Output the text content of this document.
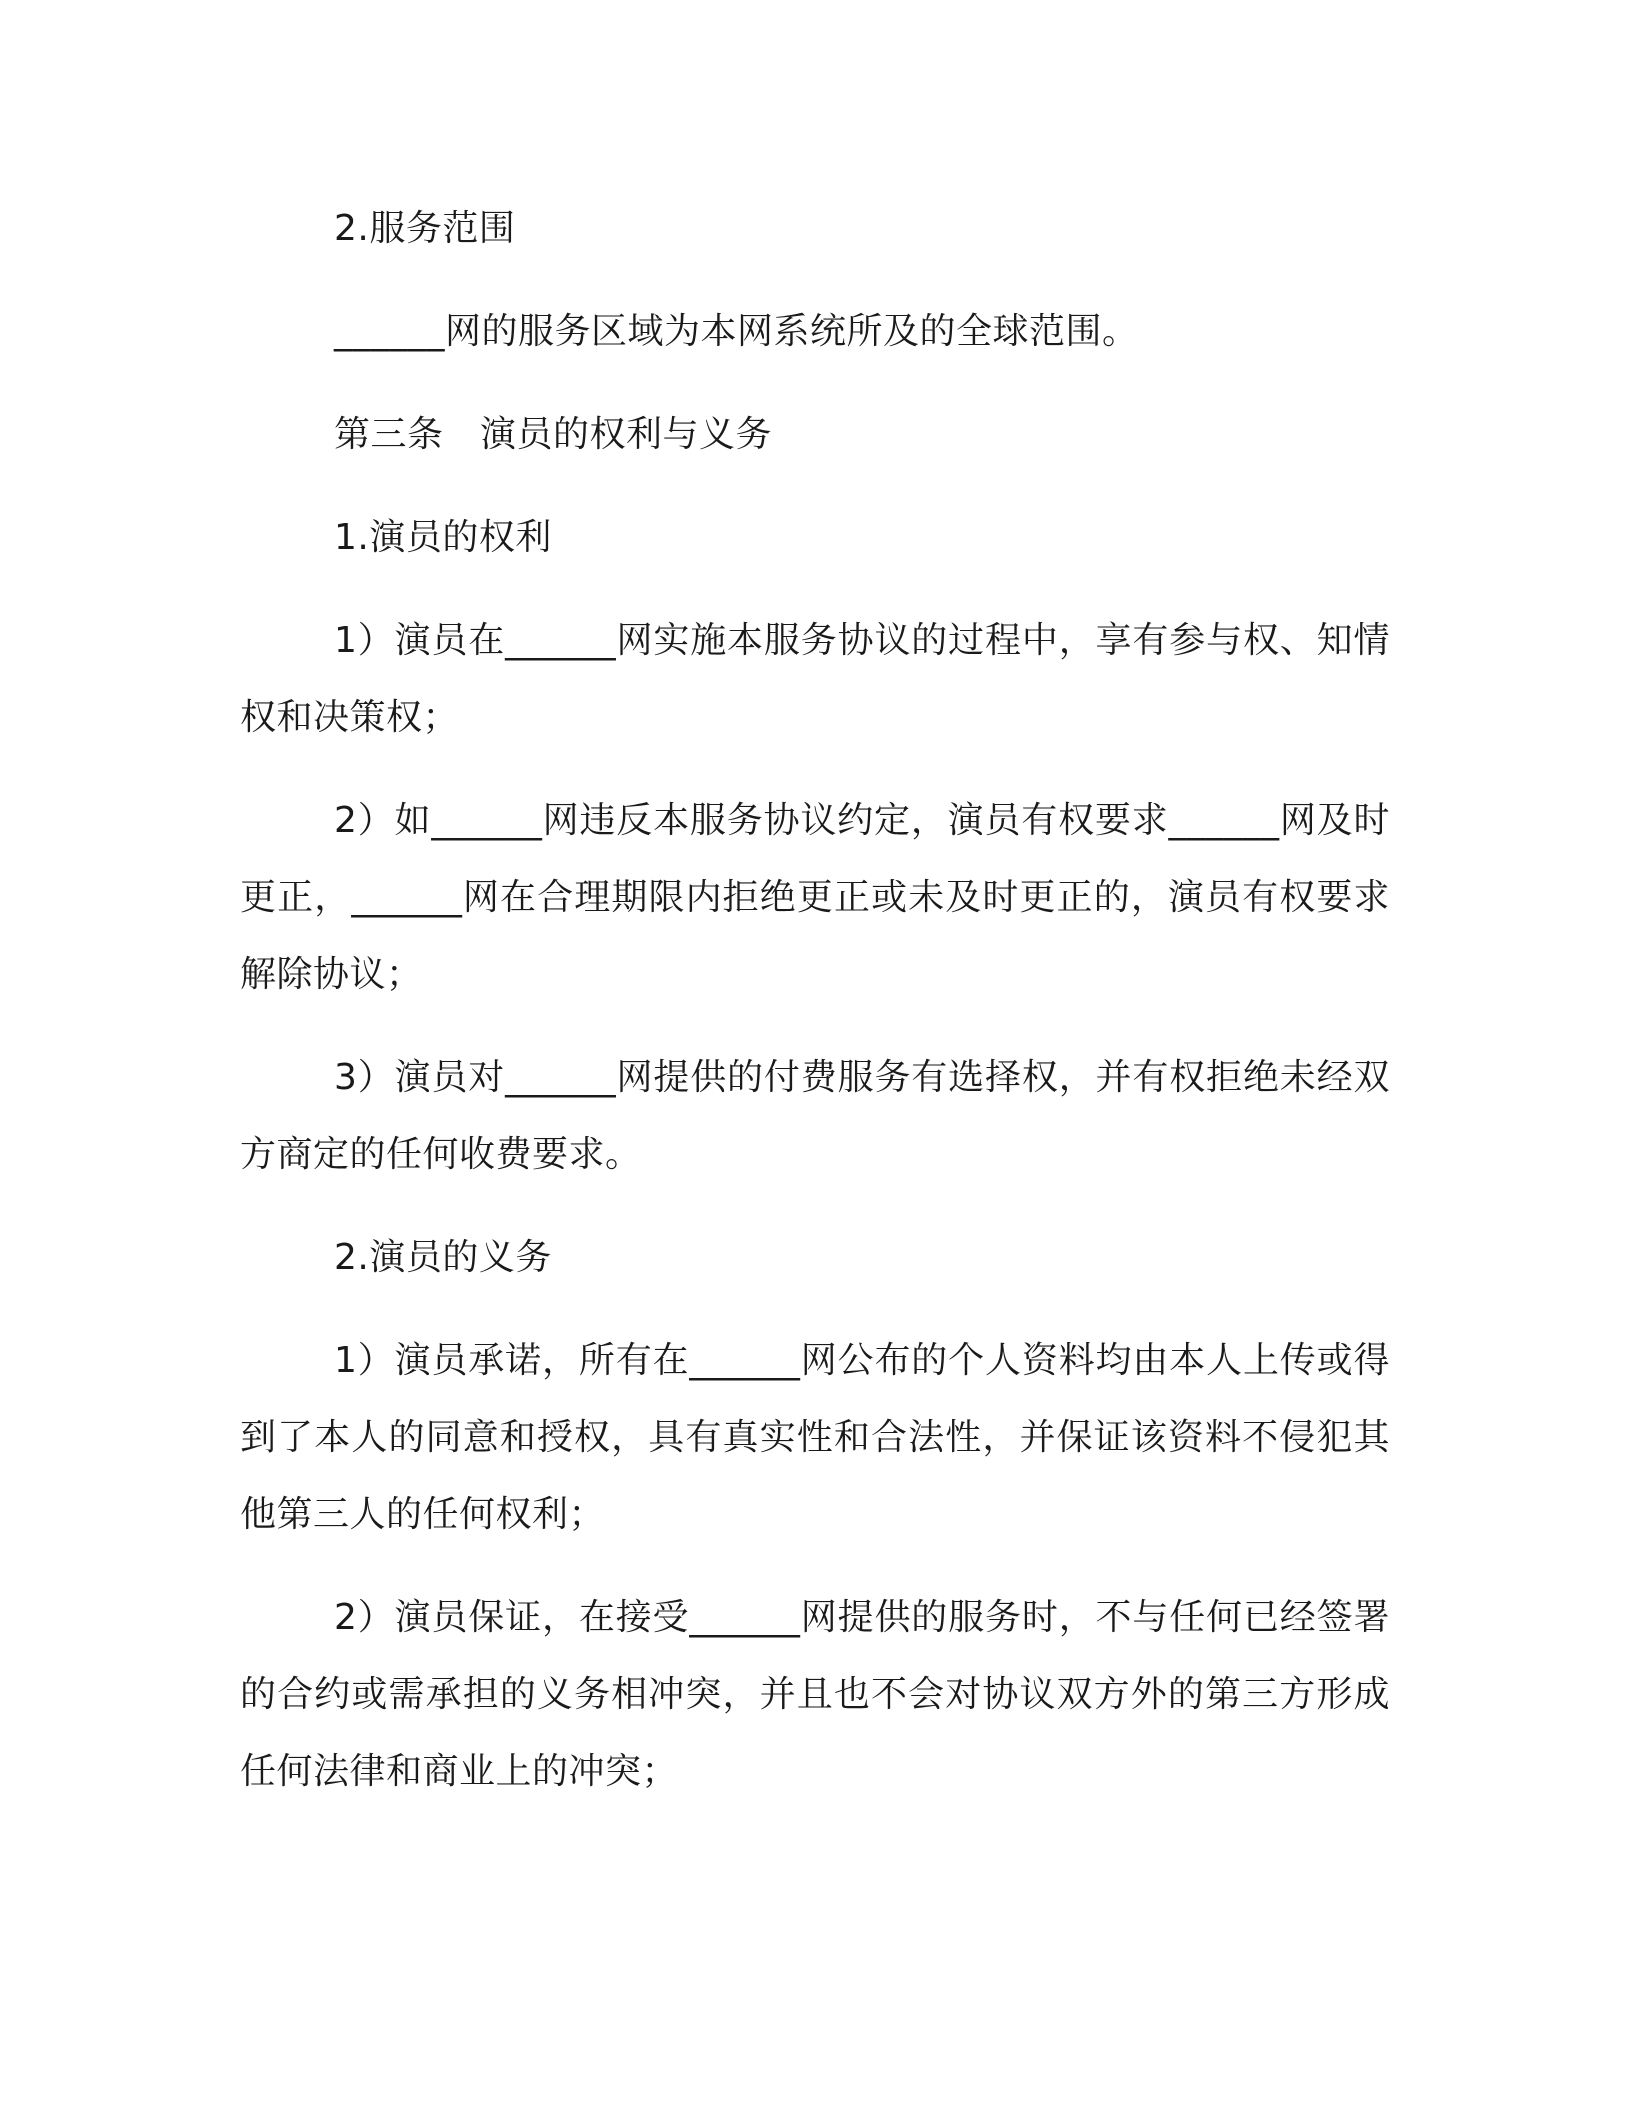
2.服务范围

______网的服务区域为本网系统所及的全球范围。

第三条　演员的权利与义务

1.演员的权利

1）演员在______网实施本服务协议的过程中，享有参与权、知情权和决策权；

2）如______网违反本服务协议约定，演员有权要求______网及时更正，______网在合理期限内拒绝更正或未及时更正的，演员有权要求解除协议；

3）演员对______网提供的付费服务有选择权，并有权拒绝未经双方商定的任何收费要求。

2.演员的义务

1）演员承诺，所有在______网公布的个人资料均由本人上传或得到了本人的同意和授权，具有真实性和合法性，并保证该资料不侵犯其他第三人的任何权利；

2）演员保证，在接受______网提供的服务时，不与任何已经签署的合约或需承担的义务相冲突，并且也不会对协议双方外的第三方形成任何法律和商业上的冲突；
